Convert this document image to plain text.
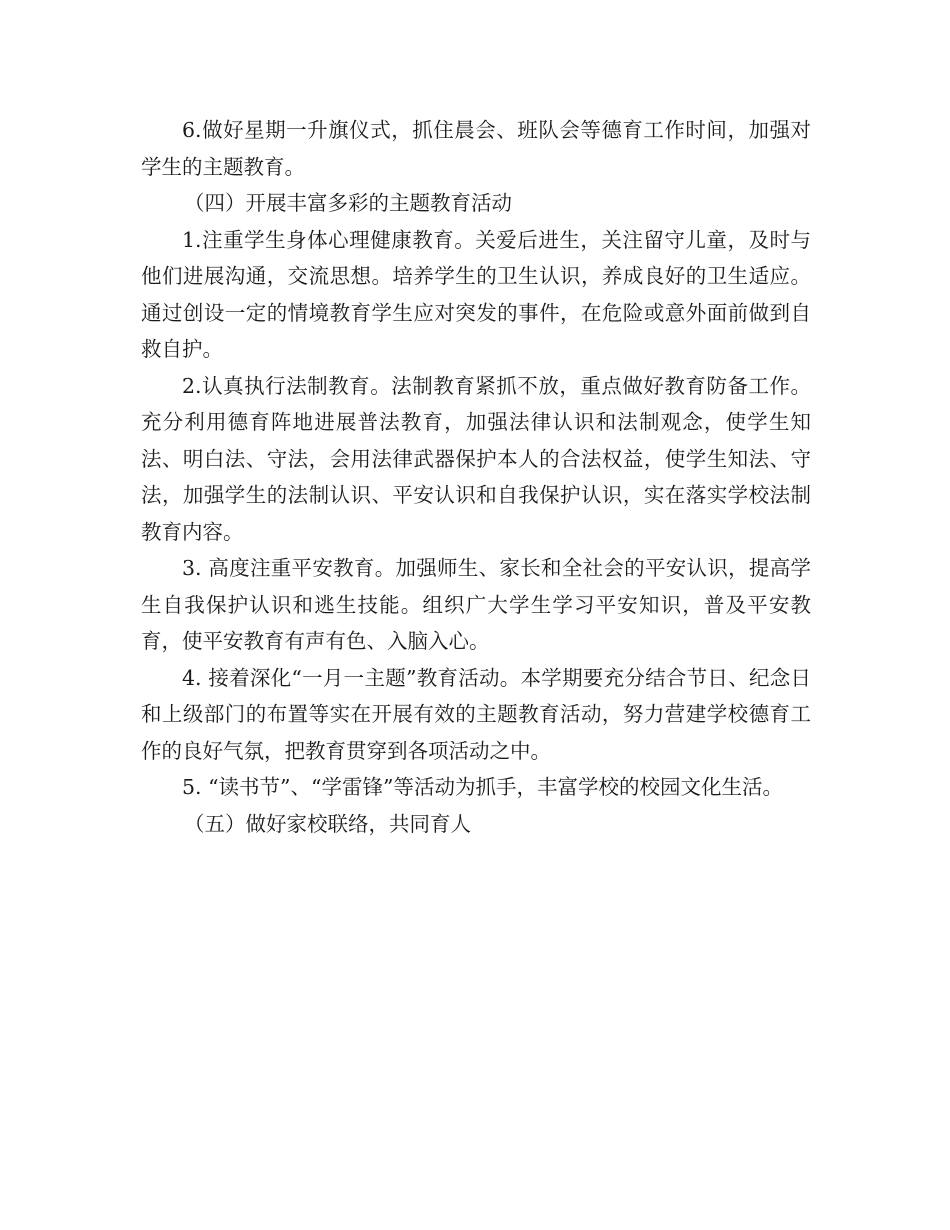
6.做好星期一升旗仪式，抓住晨会、班队会等德育工作时间，加强对学生的主题教育。

（四）开展丰富多彩的主题教育活动

1.注重学生身体心理健康教育。关爱后进生，关注留守儿童，及时与他们进展沟通，交流思想。培养学生的卫生认识，养成良好的卫生适应。通过创设一定的情境教育学生应对突发的事件，在危险或意外面前做到自救自护。

2.认真执行法制教育。法制教育紧抓不放，重点做好教育防备工作。充分利用德育阵地进展普法教育，加强法律认识和法制观念，使学生知法、明白法、守法，会用法律武器保护本人的合法权益，使学生知法、守法，加强学生的法制认识、平安认识和自我保护认识，实在落实学校法制教育内容。

3. 高度注重平安教育。加强师生、家长和全社会的平安认识，提高学生自我保护认识和逃生技能。组织广大学生学习平安知识，普及平安教育，使平安教育有声有色、入脑入心。

4. 接着深化“一月一主题”教育活动。本学期要充分结合节日、纪念日和上级部门的布置等实在开展有效的主题教育活动，努力营建学校德育工作的良好气氛，把教育贯穿到各项活动之中。

5. “读书节”、“学雷锋”等活动为抓手，丰富学校的校园文化生活。

（五）做好家校联络，共同育人
